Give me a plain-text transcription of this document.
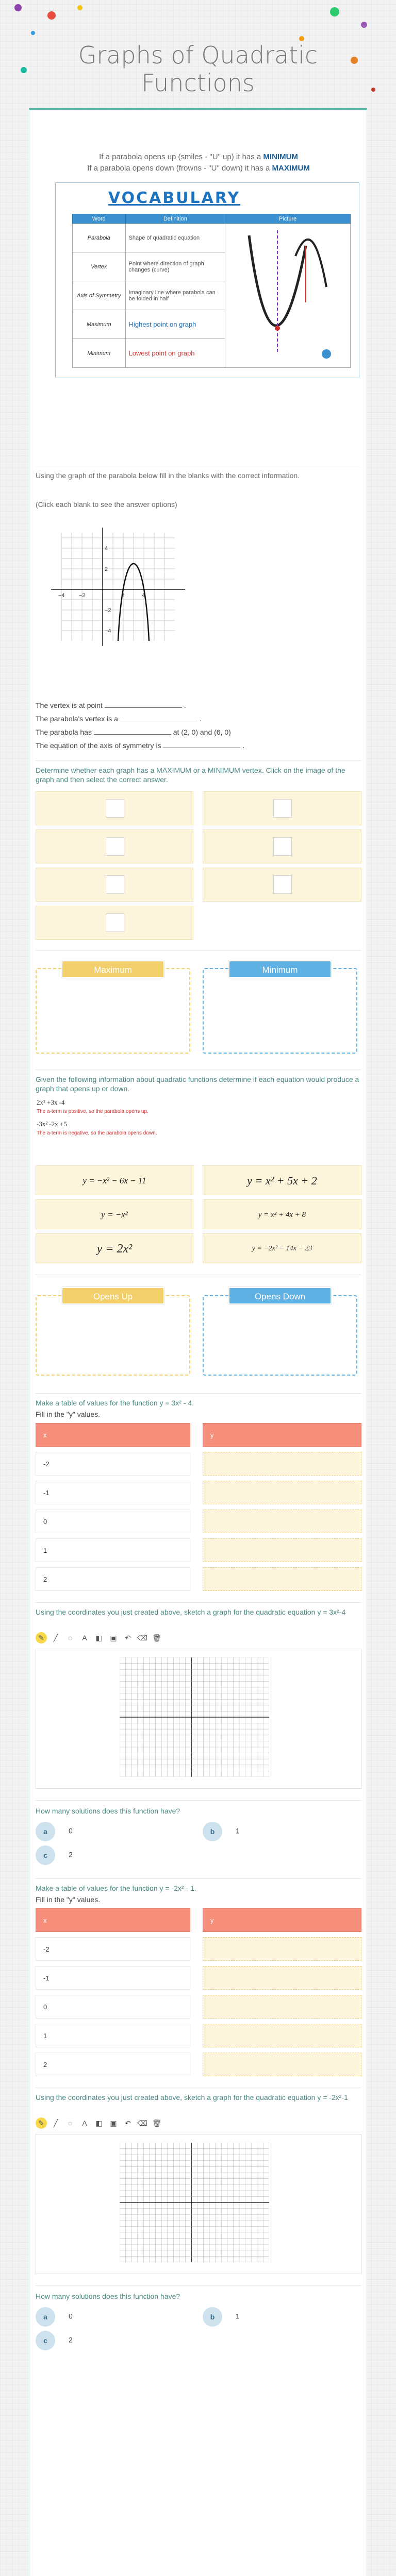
Graphs of Quadratic
Functions
If a parabola opens up (smiles - "U" up) it has a MINIMUM
If a parabola opens down (frowns - "U" down) it has a MAXIMUM
VOCABULARY
Word	Definition	Picture
Parabola	Shape of quadratic equation	
Vertex	Point where direction of graph changes (curve)	
Axis of Symmetry	Imaginary line where parabola can be folded in half	
Maximum	Highest point on graph	
Minimum	Lowest point on graph	
Using the graph of the parabola below fill in the blanks with the correct information.
(Click each blank to see the answer options)
2	4
−2
−4
2
4
−2
−4
The vertex is at point	.
The parabola's vertex is a	.
The parabola has	at (2, 0) and (6, 0)
The equation of the axis of symmetry is	.
Determine whether each graph has a MAXIMUM or a MINIMUM vertex. Click on the image of the graph and then select the correct answer.
Maximum	Minimum
Given the following information about quadratic functions determine if each equation would produce a graph that opens up or down.
2x² +3x -4
The a-term is positive, so the parabola opens up.
-3x² -2x +5
The a-term is negative, so the parabola opens down.
y = −x² − 6x − 11	y = x² + 5x + 2
y = −x²	y = x² + 4x + 8
y = 2x²	y = −2x² − 14x − 23
Opens Up	Opens Down
Make a table of values for the function y = 3x² - 4.
Fill in the "y" values.
x	y
-2
-1
0
1
2
Using the coordinates you just created above, sketch a graph for the quadratic equation y = 3x²-4
✎ ╱ ◌ A ◧ ▣ ↶ ⌫ 🗑
How many solutions does this function have?
a	0	b	1
c	2
Make a table of values for the function y = -2x² - 1.
Fill in the "y" values.
x	y
-2
-1
0
1
2
Using the coordinates you just created above, sketch a graph for the quadratic equation y = -2x²-1
✎ ╱ ◌ A ◧ ▣ ↶ ⌫ 🗑
How many solutions does this function have?
a	0	b	1
c	2
